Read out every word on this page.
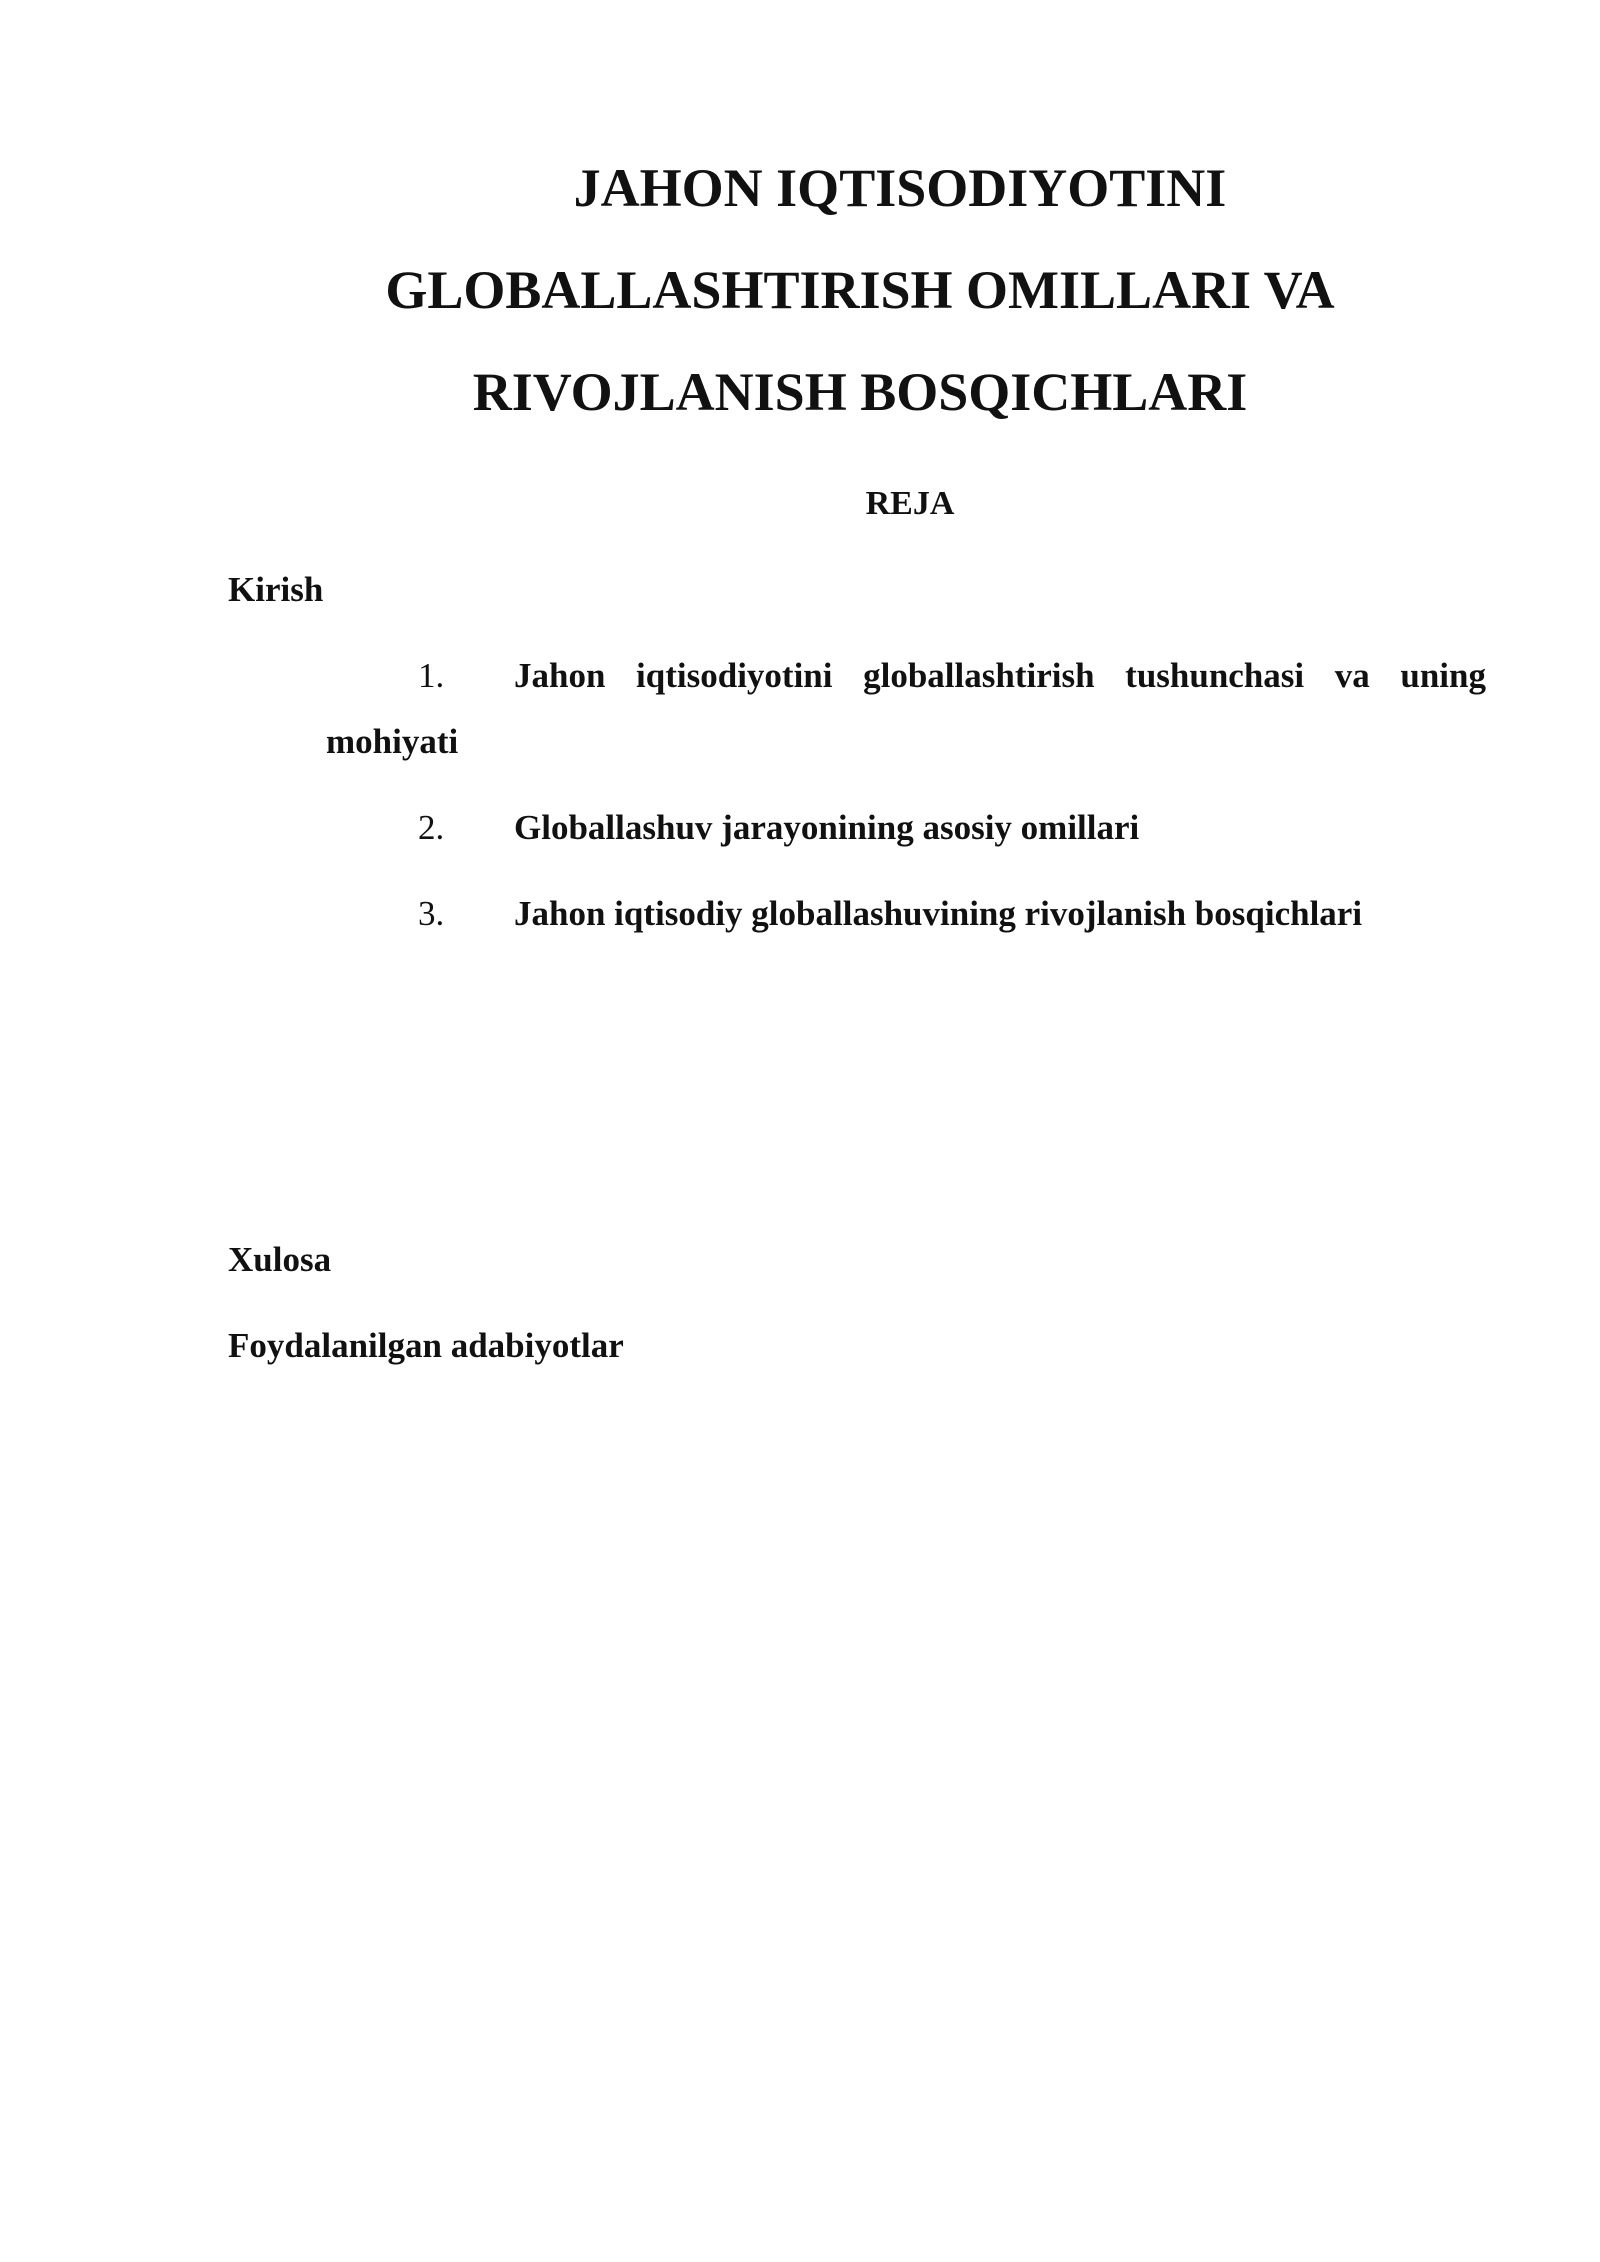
JAHON IQTISODIYOTINI
GLOBALLASHTIRISH OMILLARI VA
RIVOJLANISH BOSQICHLARI
REJA

Kirish

1. Jahon iqtisodiyotini globallashtirish tushunchasi va uning
mohiyati
2. Globallashuv jarayonining asosiy omillari
3. Jahon iqtisodiy globallashuvining rivojlanish bosqichlari

Xulosa

Foydalanilgan adabiyotlar
